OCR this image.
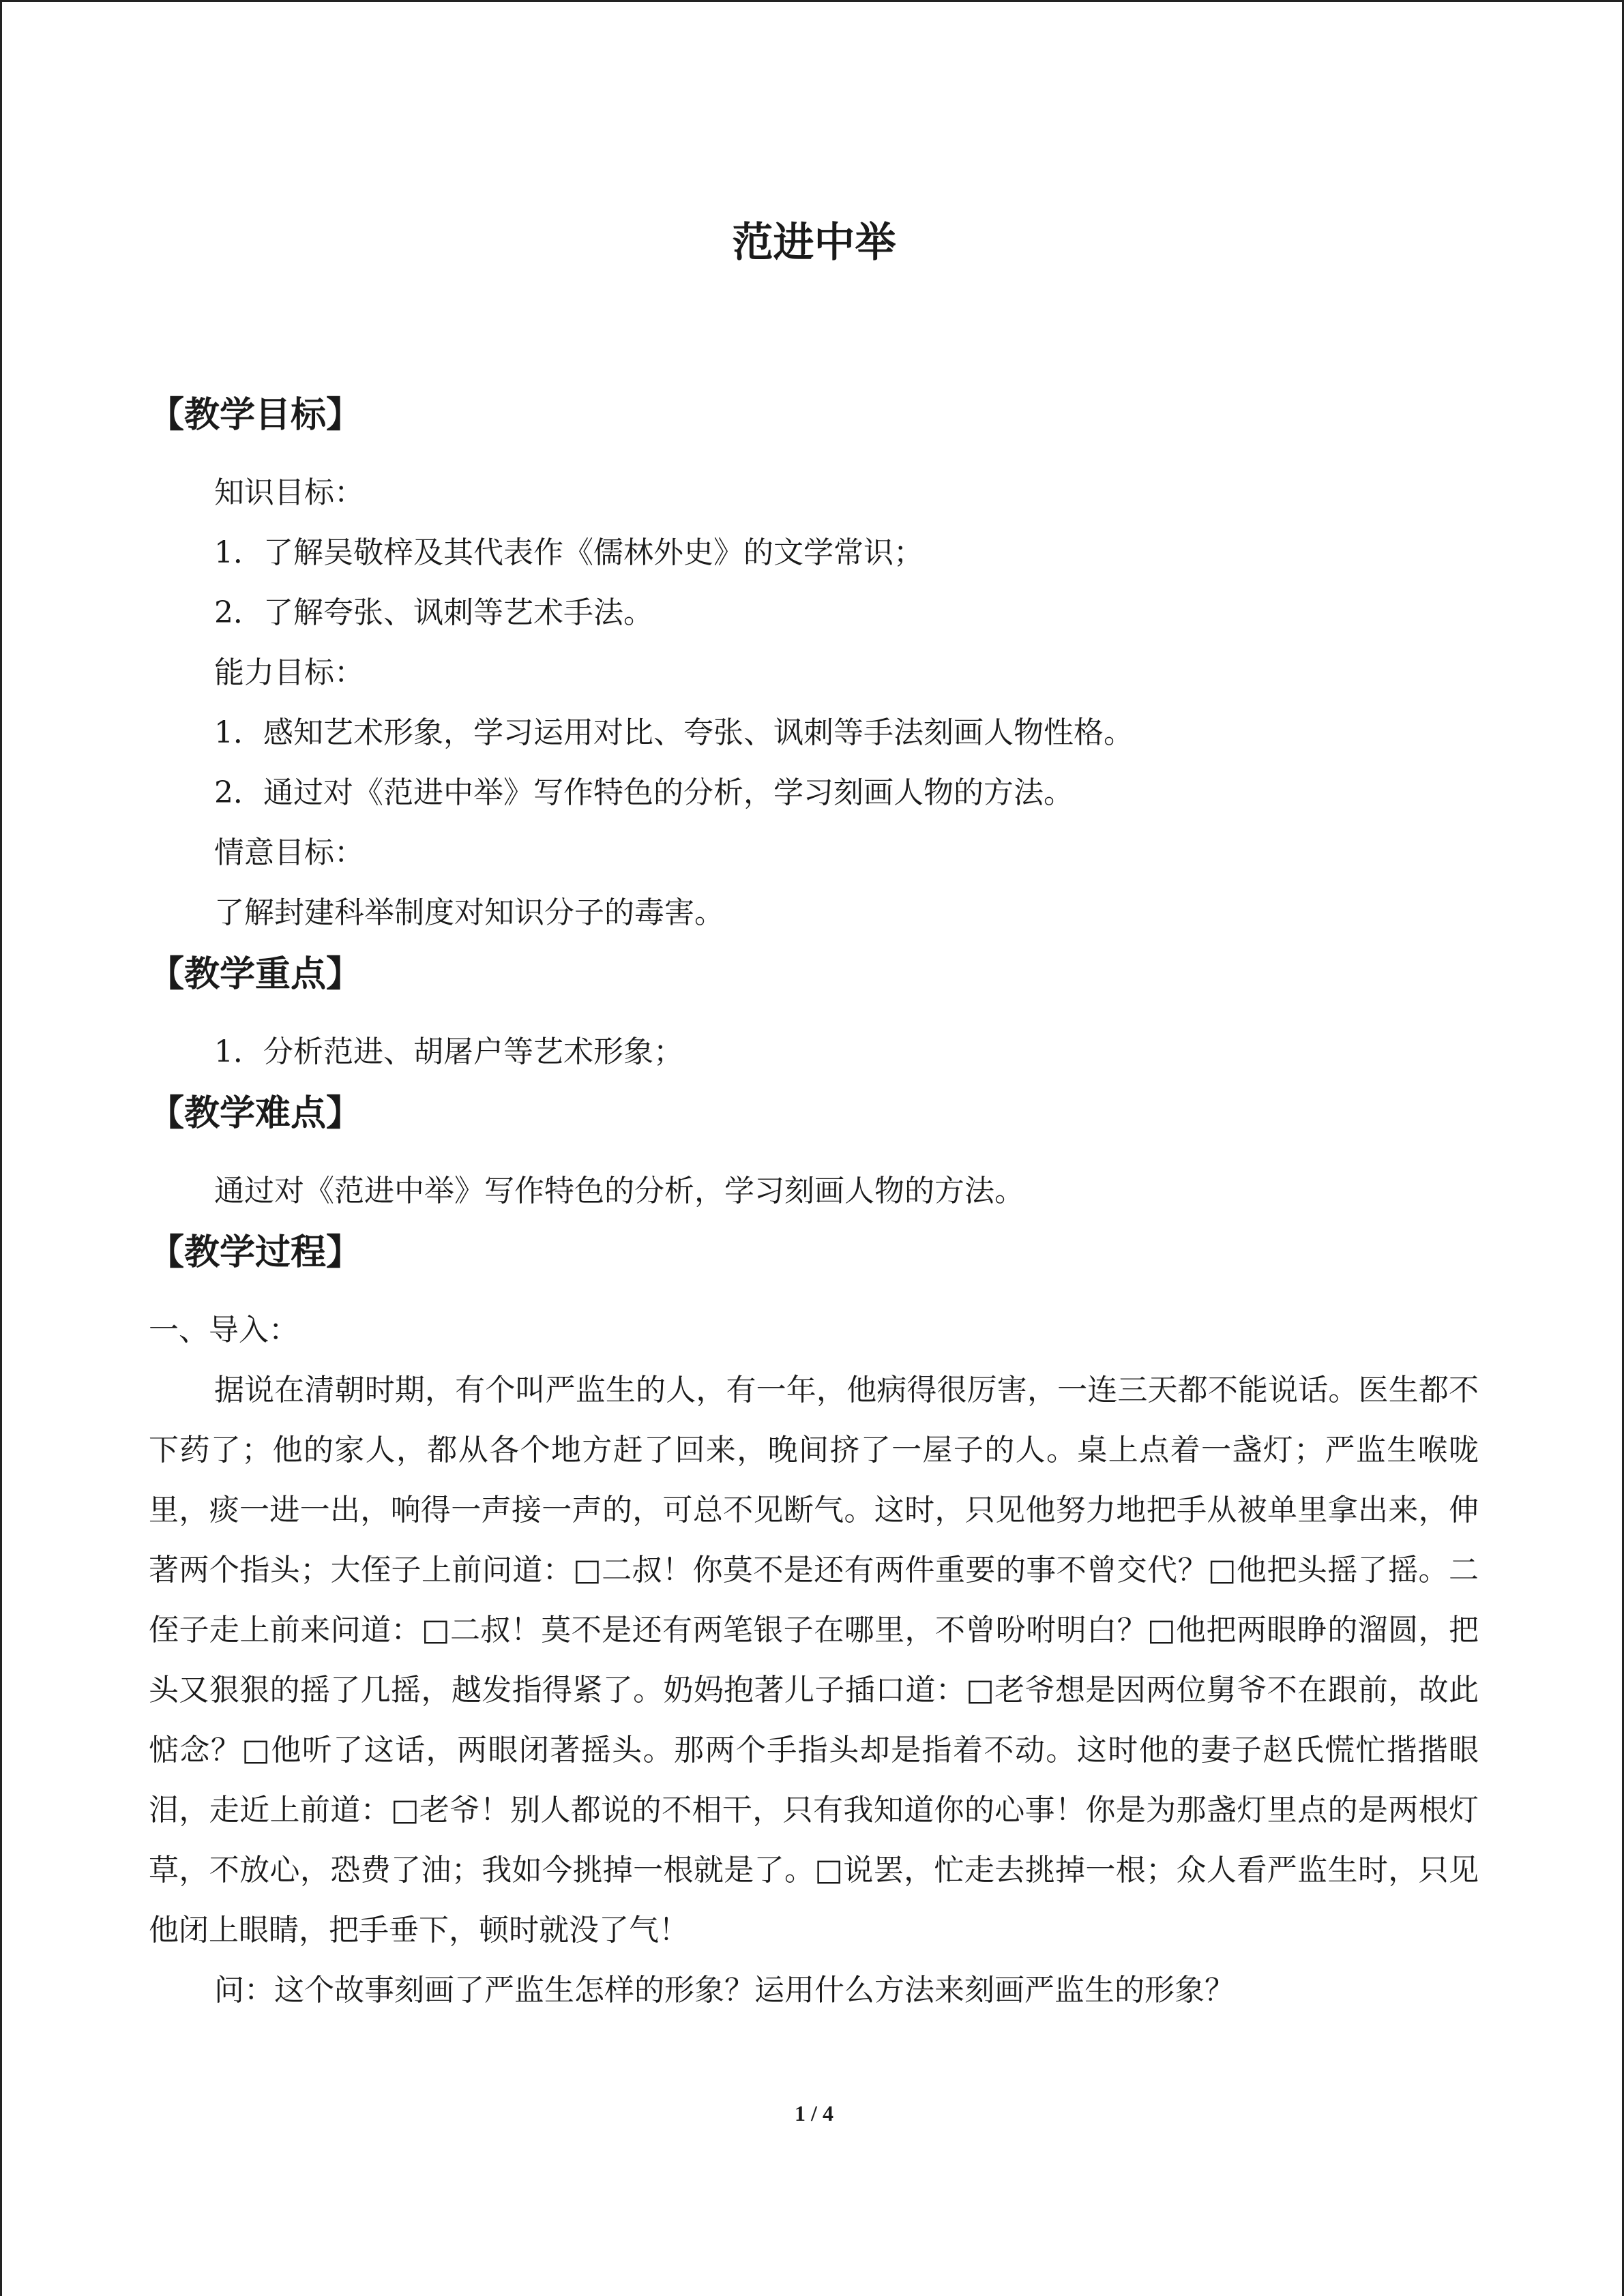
范进中举
【教学目标】
知识目标：
1．了解吴敬梓及其代表作《儒林外史》的文学常识；
2．了解夸张、讽刺等艺术手法。
能力目标：
1．感知艺术形象，学习运用对比、夸张、讽刺等手法刻画人物性格。
2．通过对《范进中举》写作特色的分析，学习刻画人物的方法。
情意目标：
了解封建科举制度对知识分子的毒害。
【教学重点】
1．分析范进、胡屠户等艺术形象；
【教学难点】
通过对《范进中举》写作特色的分析，学习刻画人物的方法。
【教学过程】
一、导入：

据说在清朝时期，有个叫严监生的人，有一年，他病得很厉害，一连三天都不能说话。医生都不下药了；他的家人，都从各个地方赶了回来，晚间挤了一屋子的人。桌上点着一盏灯；严监生喉咙里，痰一进一出，响得一声接一声的，可总不见断气。这时，只见他努力地把手从被单里拿出来，伸著两个指头；大侄子上前问道：□二叔！你莫不是还有两件重要的事不曾交代？□他把头摇了摇。二侄子走上前来问道：□二叔！莫不是还有两笔银子在哪里，不曾吩咐明白？□他把两眼睁的溜圆，把头又狠狠的摇了几摇，越发指得紧了。奶妈抱著儿子插口道：□老爷想是因两位舅爷不在跟前，故此惦念？□他听了这话，两眼闭著摇头。那两个手指头却是指着不动。这时他的妻子赵氏慌忙揩揩眼泪，走近上前道：□老爷！别人都说的不相干，只有我知道你的心事！你是为那盏灯里点的是两根灯草，不放心，恐费了油；我如今挑掉一根就是了。□说罢，忙走去挑掉一根；众人看严监生时，只见他闭上眼睛，把手垂下，顿时就没了气！

问：这个故事刻画了严监生怎样的形象？运用什么方法来刻画严监生的形象？
1 / 4
